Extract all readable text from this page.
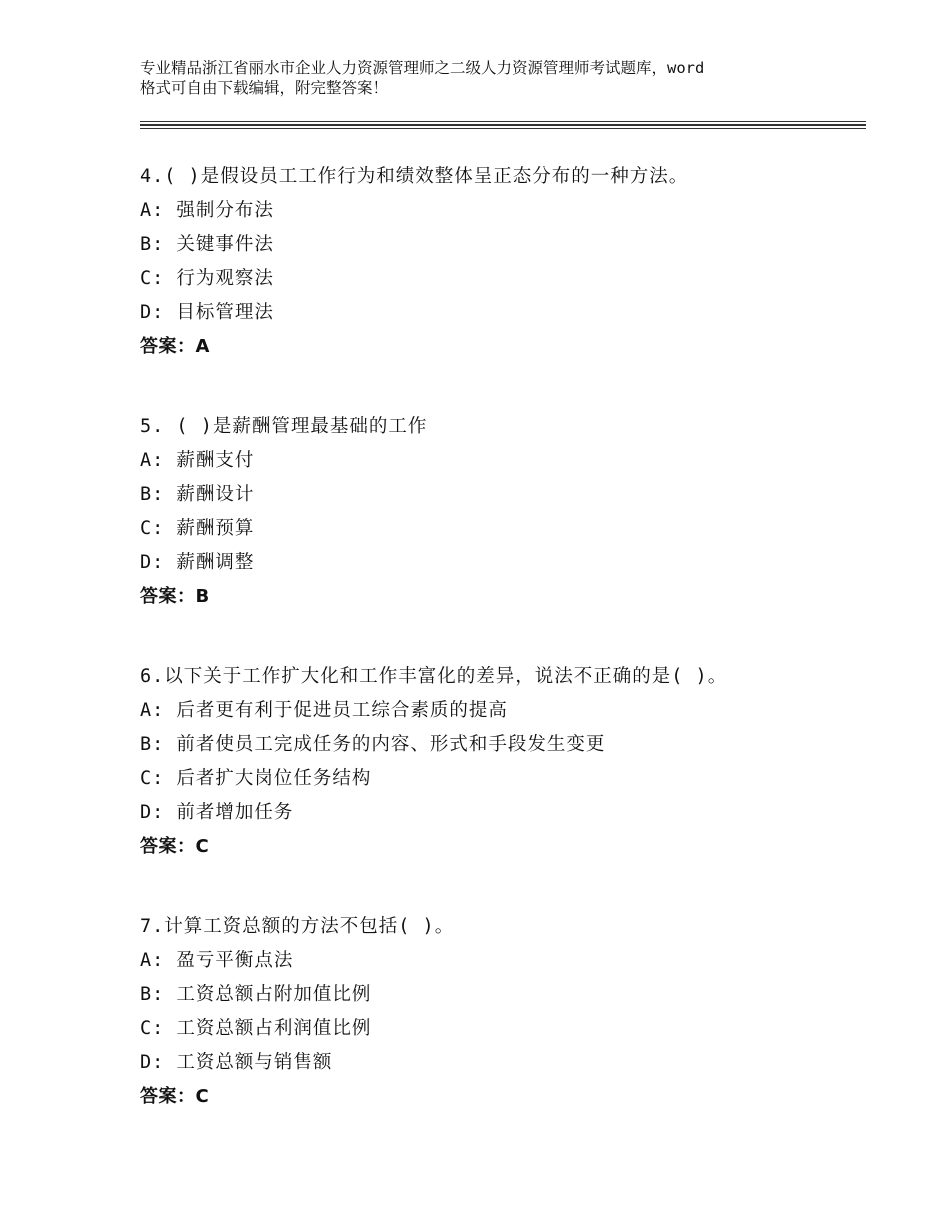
专业精品浙江省丽水市企业人力资源管理师之二级人力资源管理师考试题库，word
格式可自由下载编辑，附完整答案！
4.( )是假设员工工作行为和绩效整体呈正态分布的一种方法。
A: 强制分布法
B: 关键事件法
C: 行为观察法
D: 目标管理法
答案：A
5. ( )是薪酬管理最基础的工作
A: 薪酬支付
B: 薪酬设计
C: 薪酬预算
D: 薪酬调整
答案：B
6.以下关于工作扩大化和工作丰富化的差异，说法不正确的是( )。
A: 后者更有利于促进员工综合素质的提高
B: 前者使员工完成任务的内容、形式和手段发生变更
C: 后者扩大岗位任务结构
D: 前者增加任务
答案：C
7.计算工资总额的方法不包括( )。
A: 盈亏平衡点法
B: 工资总额占附加值比例
C: 工资总额占利润值比例
D: 工资总额与销售额
答案：C
